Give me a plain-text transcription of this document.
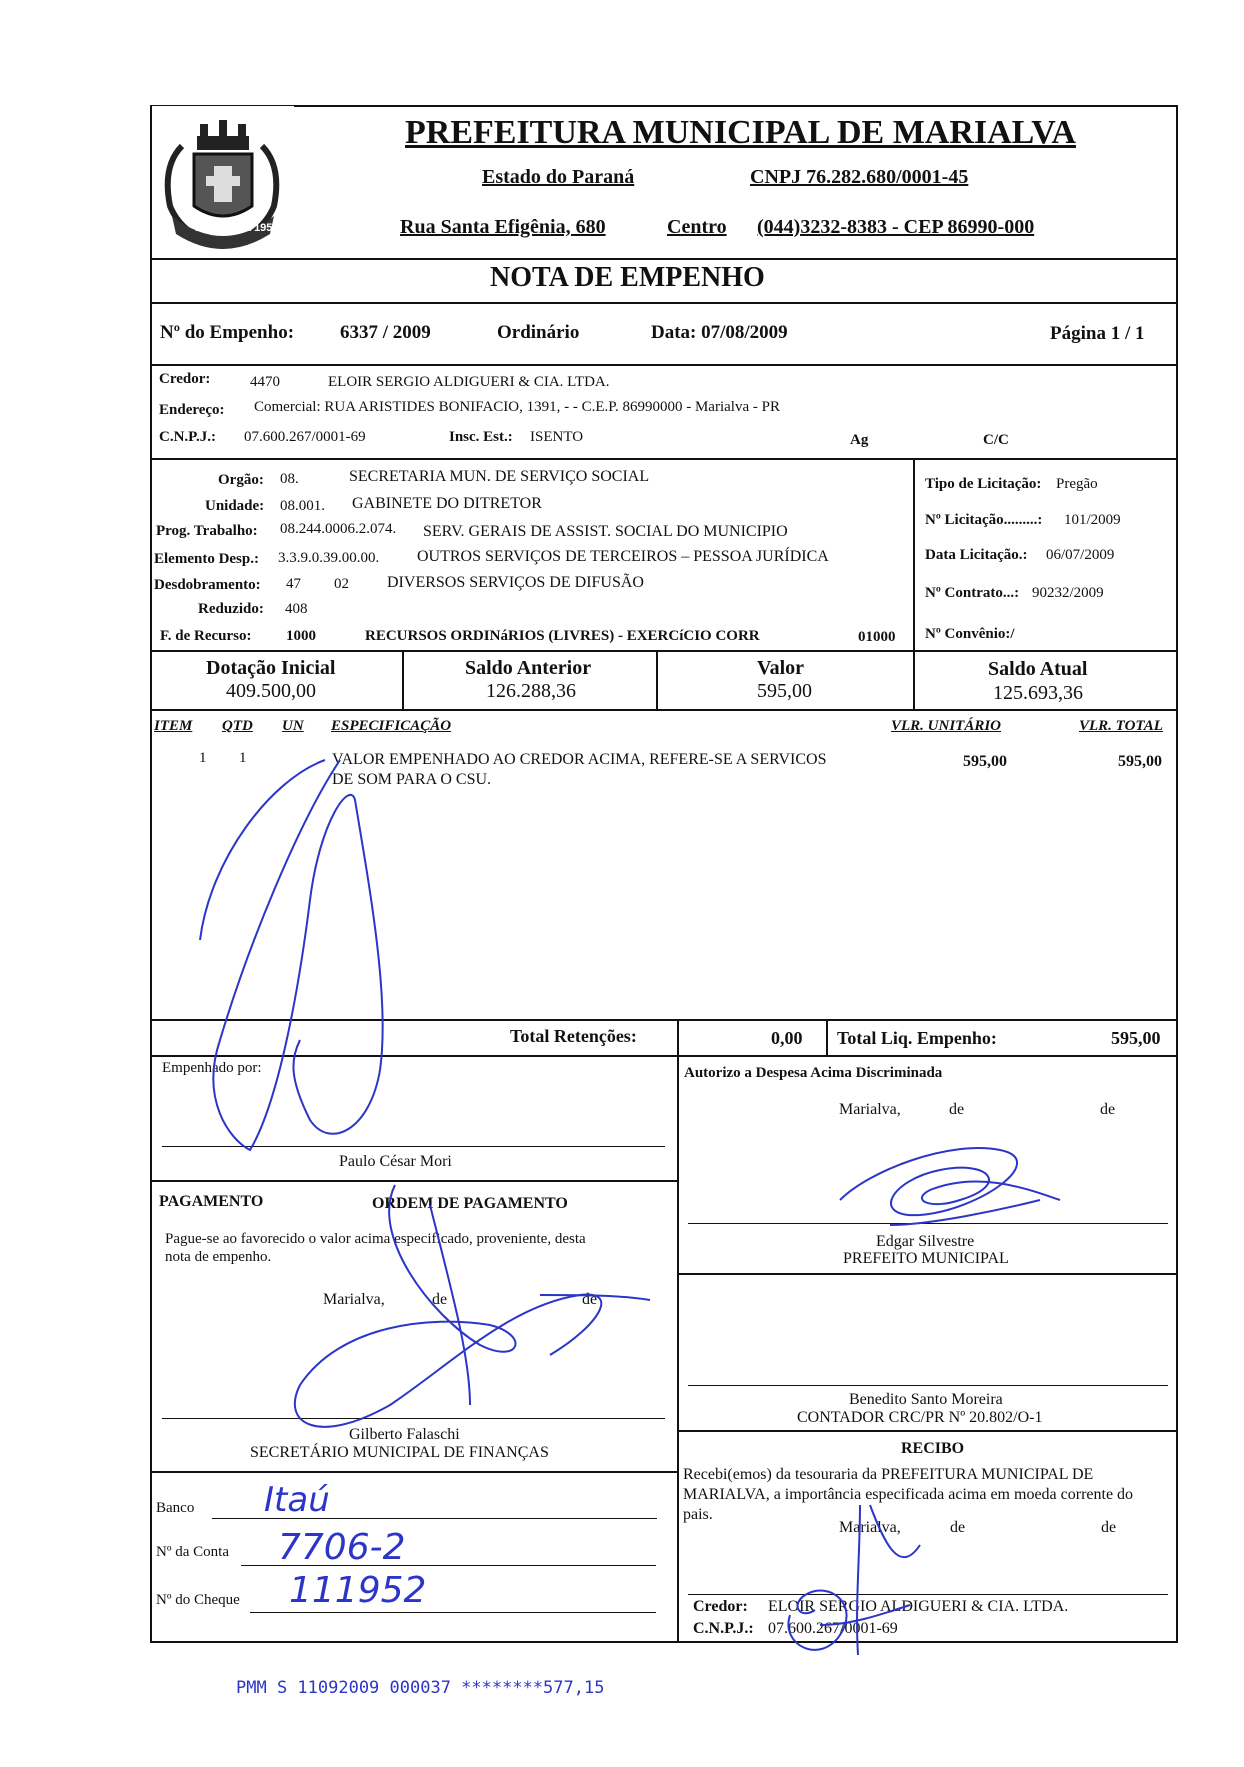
MARIALVA 1951
PREFEITURA MUNICIPAL DE MARIALVA
Estado do Paraná	CNPJ 76.282.680/0001-45
Rua Santa Efigênia, 680	Centro (044)3232-8383 - CEP 86990-000
NOTA DE EMPENHO
Nº do Empenho: 6337 / 2009	Ordinário	Data: 07/08/2009	Página 1 / 1
Credor:	4470	ELOIR SERGIO ALDIGUERI & CIA. LTDA.
Endereço: Comercial: RUA ARISTIDES BONIFACIO, 1391, - - C.E.P. 86990000 - Marialva - PR
C.N.P.J.: 07.600.267/0001-69	Insc. Est.: ISENTO	Ag	C/C
Orgão: 08.	SECRETARIA MUN. DE SERVIÇO SOCIAL
Unidade: 08.001. GABINETE DO DITRETOR
Prog. Trabalho: 08.244.0006.2.074. SERV. GERAIS DE ASSIST. SOCIAL DO MUNICIPIO
Elemento Desp.: 3.3.9.0.39.00.00. OUTROS SERVIÇOS DE TERCEIROS – PESSOA JURÍDICA
Desdobramento: 47 02 DIVERSOS SERVIÇOS DE DIFUSÃO
Reduzido: 408
F. de Recurso: 1000	RECURSOS ORDINáRIOS (LIVRES) - EXERCíCIO CORR	01000
Tipo de Licitação: Pregão
Nº Licitação.........: 101/2009
Data Licitação.: 06/07/2009
Nº Contrato...: 90232/2009
Nº Convênio:/
Dotação Inicial
409.500,00
Saldo Anterior
126.288,36
Valor
595,00
Saldo Atual
125.693,36
ITEM QTD UN ESPECIFICAÇÃO	VLR. UNITÁRIO	VLR. TOTAL
1 1	VALOR EMPENHADO AO CREDOR ACIMA, REFERE-SE A SERVICOS
DE SOM PARA O CSU.
595,00	595,00
Total Retenções:	0,00 Total Liq. Empenho:	595,00
Empenhado por:
Paulo César Mori
Autorizo a Despesa Acima Discriminada
Marialva,	de	de
Edgar Silvestre
PREFEITO MUNICIPAL
PAGAMENTO	ORDEM DE PAGAMENTO
Pague-se ao favorecido o valor acima especificado, proveniente, desta
nota de empenho.
Marialva,	de	de
Gilberto Falaschi
SECRETÁRIO MUNICIPAL DE FINANÇAS
Benedito Santo Moreira
CONTADOR CRC/PR Nº 20.802/O-1
RECIBO
Recebi(emos) da tesouraria da PREFEITURA MUNICIPAL DE
MARIALVA, a importância especificada acima em moeda corrente do
pais.
Marialva,	de	de
Credor: ELOIR SERGIO ALDIGUERI & CIA. LTDA.
C.N.P.J.: 07.600.267/0001-69
Banco Itaú
Nº da Conta 7706-2
Nº do Cheque 111952
PMM S 11092009 000037 ********577,15
